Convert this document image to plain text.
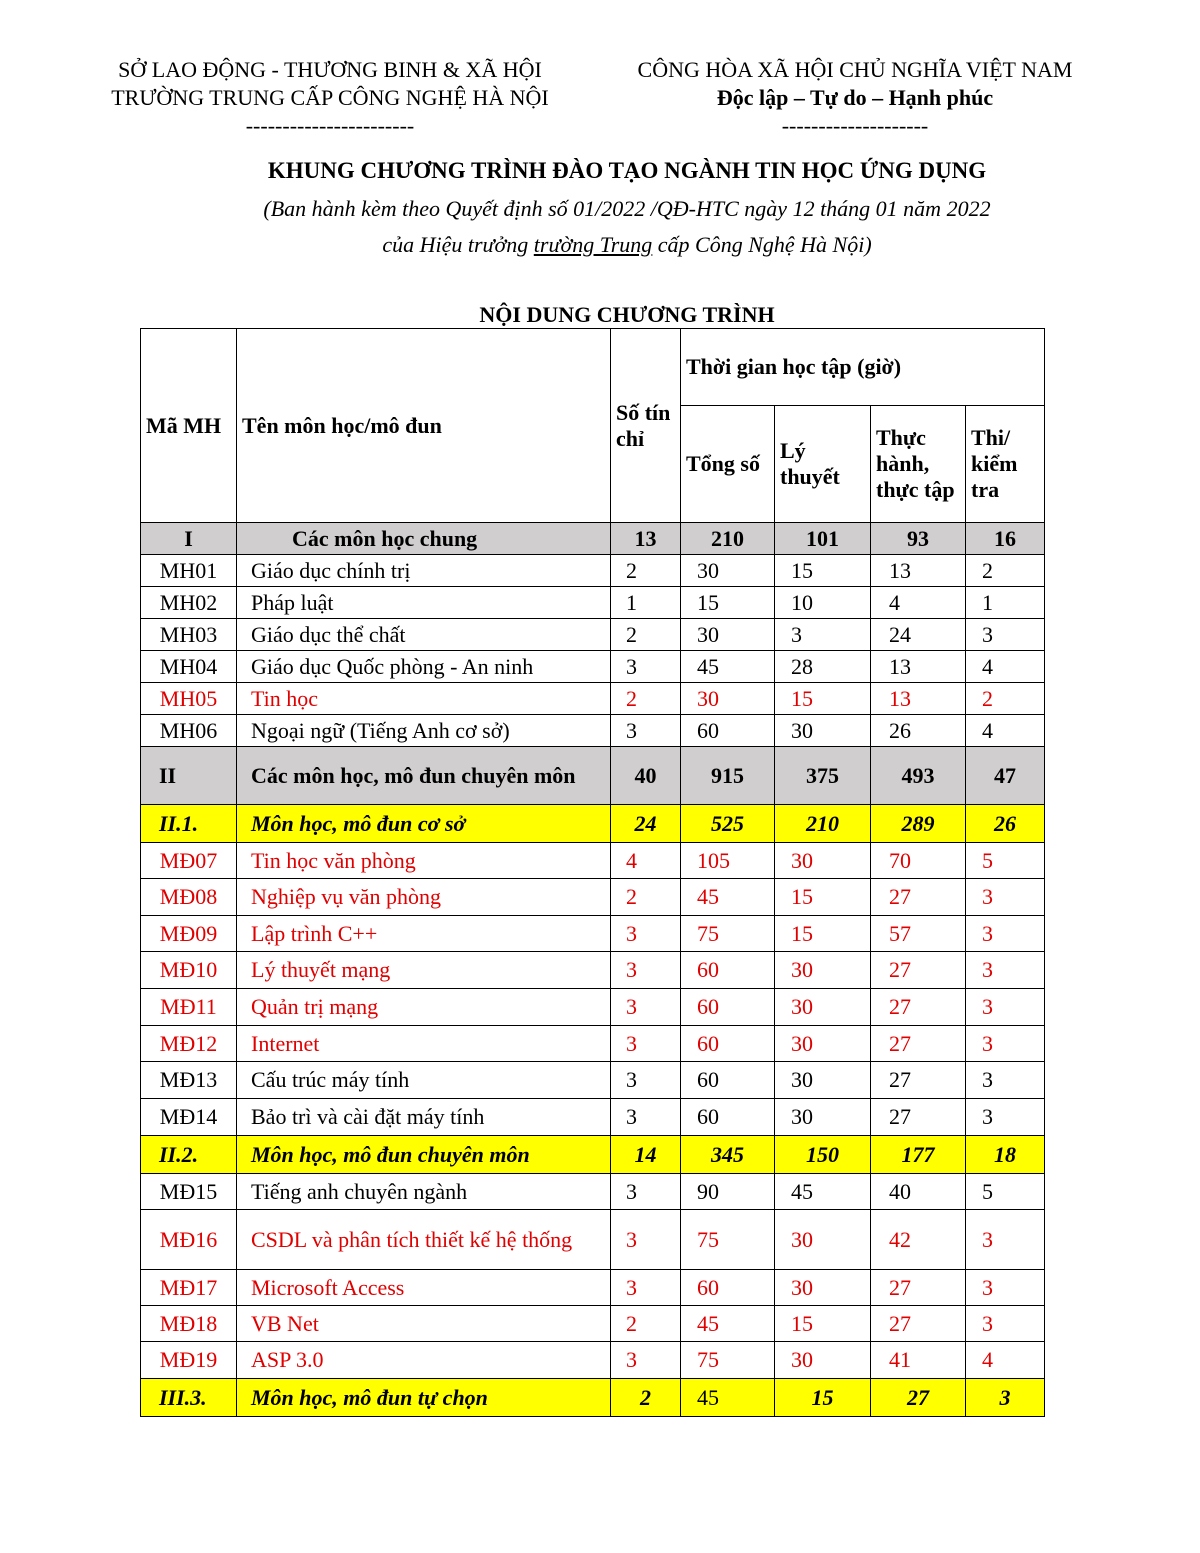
SỞ LAO ĐỘNG - THƯƠNG BINH & XÃ HỘI
TRƯỜNG TRUNG CẤP CÔNG NGHỆ HÀ NỘI
-----------------------
CÔNG HÒA XÃ HỘI CHỦ NGHĨA VIỆT NAM
Độc lập – Tự do – Hạnh phúc
--------------------
KHUNG CHƯƠNG TRÌNH ĐÀO TẠO NGÀNH TIN HỌC ỨNG DỤNG
(Ban hành kèm theo Quyết định số 01/2022 /QĐ-HTC ngày 12 tháng 01 năm 2022
của Hiệu trưởng trường Trung cấp Công Nghệ Hà Nội)
NỘI DUNG CHƯƠNG TRÌNH
Mã MH	Tên môn học/mô đun	Số tín chỉ	Thời gian học tập (giờ)			
			Tổng số	Lý thuyết	Thực hành, thực tập	Thi/ kiểm tra
I	Các môn học chung	13	210	101	93	16
MH01	Giáo dục chính trị	2	30	15	13	2
MH02	Pháp luật	1	15	10	4	1
MH03	Giáo dục thể chất	2	30	3	24	3
MH04	Giáo dục Quốc phòng - An ninh	3	45	28	13	4
MH05	Tin học	2	30	15	13	2
MH06	Ngoại ngữ (Tiếng Anh cơ sở)	3	60	30	26	4
II	Các môn học, mô đun chuyên môn	40	915	375	493	47
II.1.	Môn học, mô đun cơ sở	24	525	210	289	26
MĐ07	Tin học văn phòng	4	105	30	70	5
MĐ08	Nghiệp vụ văn phòng	2	45	15	27	3
MĐ09	Lập trình C++	3	75	15	57	3
MĐ10	Lý thuyết mạng	3	60	30	27	3
MĐ11	Quản trị mạng	3	60	30	27	3
MĐ12	Internet	3	60	30	27	3
MĐ13	Cấu trúc máy tính	3	60	30	27	3
MĐ14	Bảo trì và cài đặt máy tính	3	60	30	27	3
II.2.	Môn học, mô đun chuyên môn	14	345	150	177	18
MĐ15	Tiếng anh chuyên ngành	3	90	45	40	5
MĐ16	CSDL và phân tích thiết kế hệ thống	3	75	30	42	3
MĐ17	Microsoft Access	3	60	30	27	3
MĐ18	VB Net	2	45	15	27	3
MĐ19	ASP 3.0	3	75	30	41	4
III.3.	Môn học, mô đun tự chọn	2	45	15	27	3
